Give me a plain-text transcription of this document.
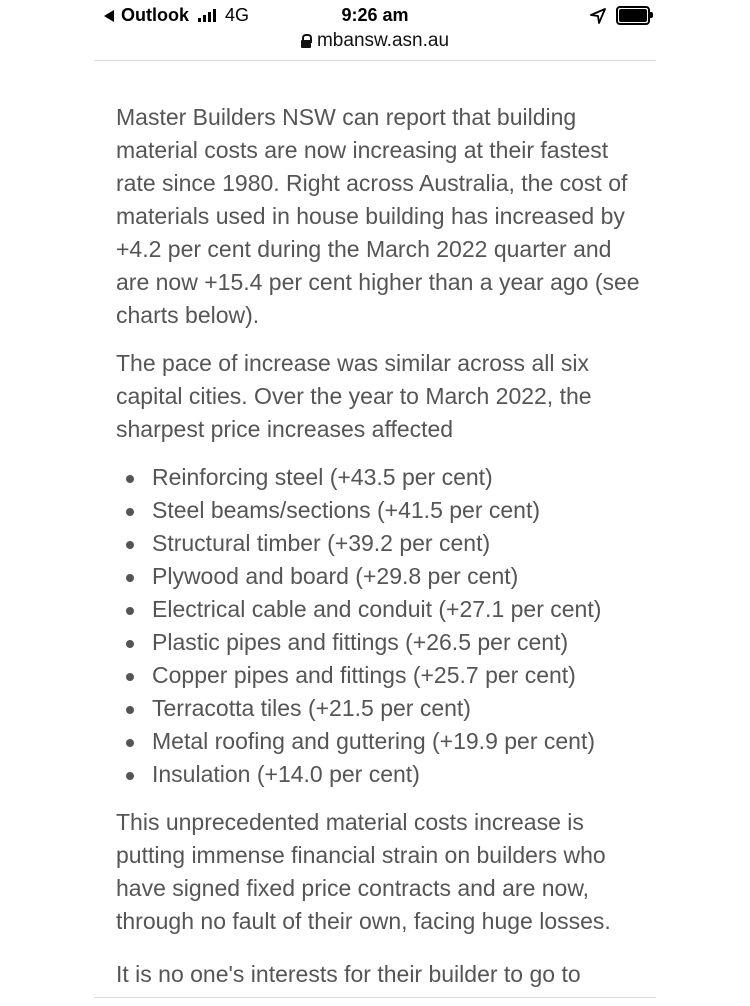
Outlook 4G	9:26 am
mbansw.asn.au

Master Builders NSW can report that building material costs are now increasing at their fastest rate since 1980. Right across Australia, the cost of materials used in house building has increased by +4.2 per cent during the March 2022 quarter and are now +15.4 per cent higher than a year ago (see charts below).

The pace of increase was similar across all six capital cities. Over the year to March 2022, the sharpest price increases affected

Reinforcing steel (+43.5 per cent)
Steel beams/sections (+41.5 per cent)
Structural timber (+39.2 per cent)
Plywood and board (+29.8 per cent)
Electrical cable and conduit (+27.1 per cent)
Plastic pipes and fittings (+26.5 per cent)
Copper pipes and fittings (+25.7 per cent)
Terracotta tiles (+21.5 per cent)
Metal roofing and guttering (+19.9 per cent)
Insulation (+14.0 per cent)

This unprecedented material costs increase is putting immense financial strain on builders who have signed fixed price contracts and are now, through no fault of their own, facing huge losses.

It is no one's interests for their builder to go to
